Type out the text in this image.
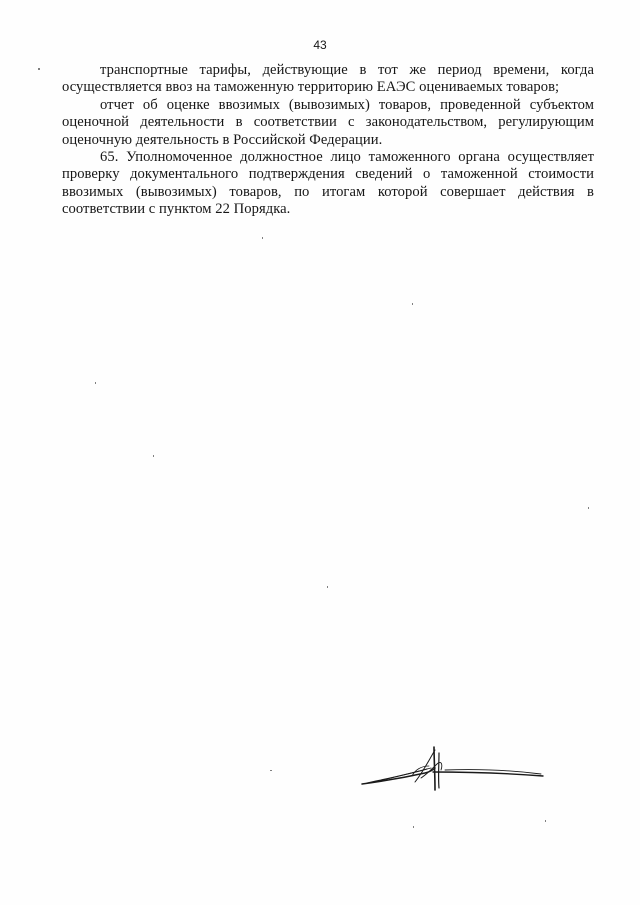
43

транспортные тарифы, действующие в тот же период времени, когда осуществляется ввоз на таможенную территорию ЕАЭС оцениваемых товаров;

отчет об оценке ввозимых (вывозимых) товаров, проведенной субъектом оценочной деятельности в соответствии с законодательством, регулирующим оценочную деятельность в Российской Федерации.

65. Уполномоченное должностное лицо таможенного органа осуществляет проверку документального подтверждения сведений о таможенной стоимости ввозимых (вывозимых) товаров, по итогам которой совершает действия в соответствии с пунктом 22 Порядка.
